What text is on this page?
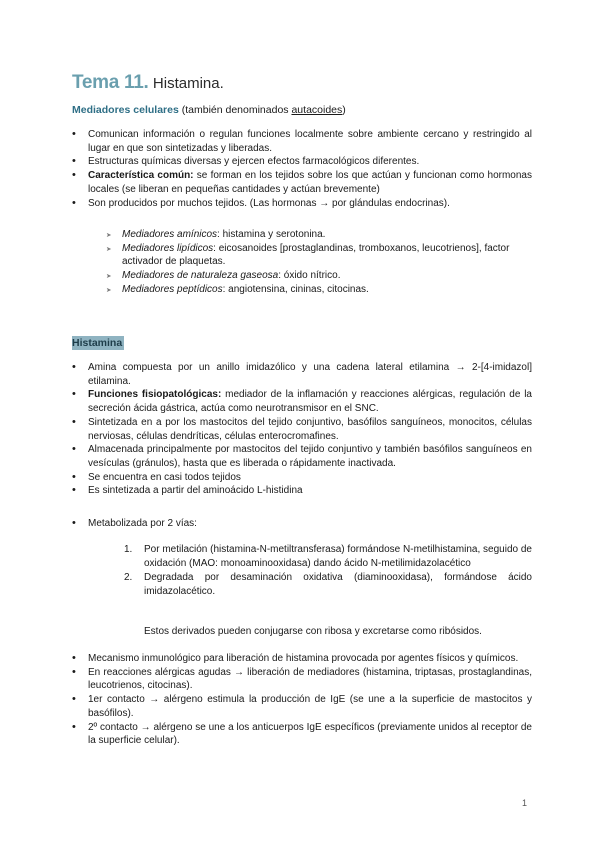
Tema 11. Histamina.
Mediadores celulares (también denominados autacoides)
• Comunican información o regulan funciones localmente sobre ambiente cercano y restringido al lugar en que son sintetizadas y liberadas.
• Estructuras químicas diversas y ejercen efectos farmacológicos diferentes.
• Característica común: se forman en los tejidos sobre los que actúan y funcionan como hormonas locales (se liberan en pequeñas cantidades y actúan brevemente)
• Son producidos por muchos tejidos. (Las hormonas → por glándulas endocrinas).
➤ Mediadores amínicos: histamina y serotonina.
➤ Mediadores lipídicos: eicosanoides [prostaglandinas, tromboxanos, leucotrienos], factor activador de plaquetas.
➤ Mediadores de naturaleza gaseosa: óxido nítrico.
➤ Mediadores peptídicos: angiotensina, cininas, citocinas.
Histamina
• Amina compuesta por un anillo imidazólico y una cadena lateral etilamina → 2-[4-imidazol] etilamina.
• Funciones fisiopatológicas: mediador de la inflamación y reacciones alérgicas, regulación de la secreción ácida gástrica, actúa como neurotransmisor en el SNC.
• Sintetizada en a por los mastocitos del tejido conjuntivo, basófilos sanguíneos, monocitos, células nerviosas, células dendríticas, células enterocromafines.
• Almacenada principalmente por mastocitos del tejido conjuntivo y también basófilos sanguíneos en vesículas (gránulos), hasta que es liberada o rápidamente inactivada.
• Se encuentra en casi todos tejidos
• Es sintetizada a partir del aminoácido L-histidina
• Metabolizada por 2 vías:
1. Por metilación (histamina-N-metiltransferasa) formándose N-metilhistamina, seguido de oxidación (MAO: monoaminooxidasa) dando ácido N-metilimidazolacético
2. Degradada por desaminación oxidativa (diaminooxidasa), formándose ácido imidazolacético.
Estos derivados pueden conjugarse con ribosa y excretarse como ribósidos.
• Mecanismo inmunológico para liberación de histamina provocada por agentes físicos y químicos.
• En reacciones alérgicas agudas → liberación de mediadores (histamina, triptasas, prostaglandinas, leucotrienos, citocinas).
• 1er contacto → alérgeno estimula la producción de IgE (se une a la superficie de mastocitos y basófilos).
• 2º contacto → alérgeno se une a los anticuerpos IgE específicos (previamente unidos al receptor de la superficie celular).
1
